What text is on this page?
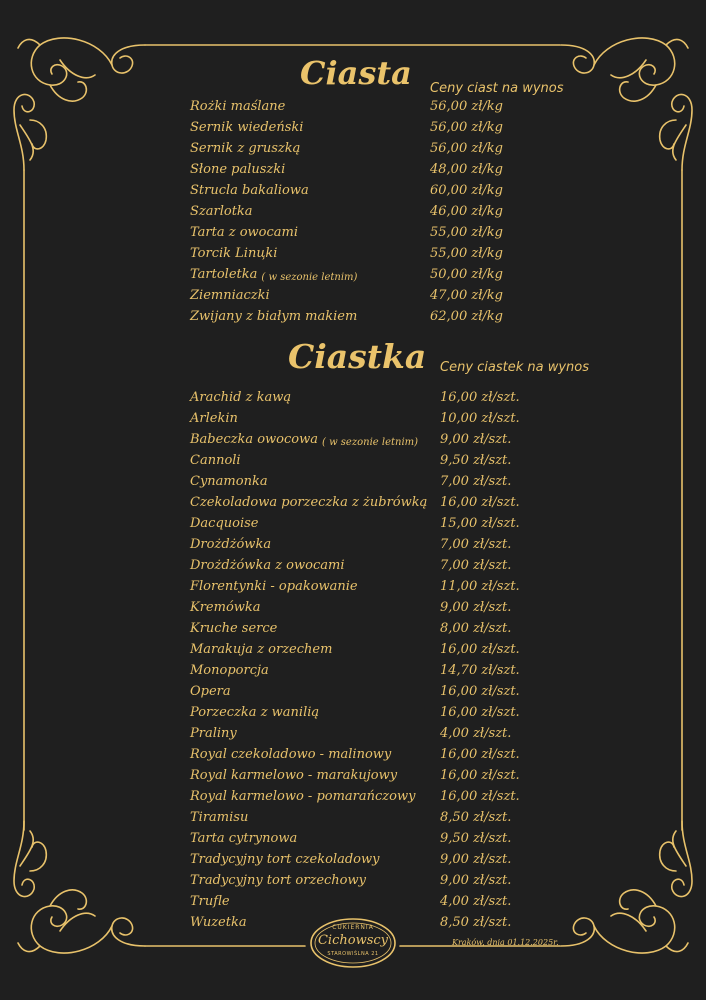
Ciasta Ceny ciast na wynos
Rożki maślane	56,00 zł/kg
Sernik wiedeński	56,00 zł/kg
Sernik z gruszką	56,00 zł/kg
Słone paluszki	48,00 zł/kg
Strucla bakaliowa	60,00 zł/kg
Szarlotka	46,00 zł/kg
Tarta z owocami	55,00 zł/kg
Torcik Linцki	55,00 zł/kg
Tartoletka ( w sezonie letnim)	50,00 zł/kg
Ziemniaczki	47,00 zł/kg
Zwijany z białym makiem	62,00 zł/kg
Ciastka Ceny ciastek na wynos
Arachid z kawą	16,00 zł/szt.
Arlekin	10,00 zł/szt.
Babeczka owocowa ( w sezonie letnim) 9,00 zł/szt.
Cannoli	9,50 zł/szt.
Cynamonka	7,00 zł/szt.
Czekoladowa porzeczka z żubrówką 16,00 zł/szt.
Dacquoise	15,00 zł/szt.
Drożdżówka	7,00 zł/szt.
Drożdżówka z owocami	7,00 zł/szt.
Florentynki - opakowanie	11,00 zł/szt.
Kremówka	9,00 zł/szt.
Kruche serce	8,00 zł/szt.
Marakuja z orzechem	16,00 zł/szt.
Monoporcja	14,70 zł/szt.
Opera	16,00 zł/szt.
Porzeczka z wanilią	16,00 zł/szt.
Praliny	4,00 zł/szt.
Royal czekoladowo - malinowy	16,00 zł/szt.
Royal karmelowo - marakujowy	16,00 zł/szt.
Royal karmelowo - pomarańczowy 16,00 zł/szt.
Tiramisu	8,50 zł/szt.
Tarta cytrynowa	9,50 zł/szt.
Tradycyjny tort czekoladowy	9,00 zł/szt.
Tradycyjny tort orzechowy	9,00 zł/szt.
Trufle	4,00 zł/szt.
Wuzetka	8,50 zł/szt.
CUKIERNIA
Cichowscy
STAROWIŚLNA 21
Kraków, dnia 01.12.2025r.
